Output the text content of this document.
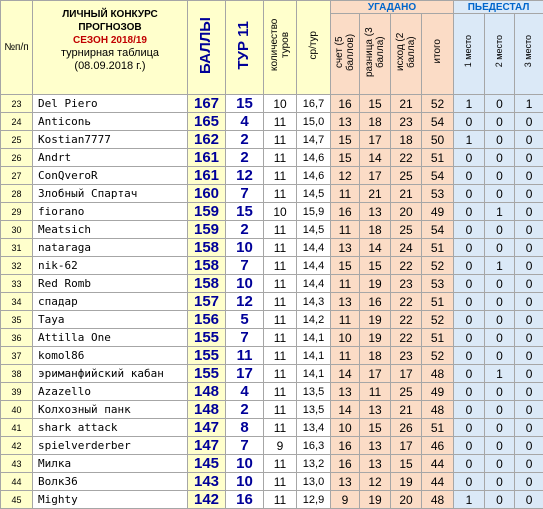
№п/п	ЛИЧНЫЙ КОНКУРС
ПРОГНОЗОВ
СЕЗОН 2018/19
турнирная таблица
(08.09.2018 г.)	БАЛЛЫ	ТУР 11	количество туров	ср/тур	УГАДАНО				ПЬЕДЕСТАЛ		
						счет (5 баллов)	разница (3 балла)	исход (2 балла)	итого	1 место	2 место	3 место
23	Del Piero	167	15	10	16,7	16	15	21	52	1	0	1
24	Anticonь	165	4	11	15,0	13	18	23	54	0	0	0
25	Kostian7777	162	2	11	14,7	15	17	18	50	1	0	0
26	Andrt	161	2	11	14,6	15	14	22	51	0	0	0
27	ConQveroR	161	12	11	14,6	12	17	25	54	0	0	0
28	Злобный Спартач	160	7	11	14,5	11	21	21	53	0	0	0
29	fiorano	159	15	10	15,9	16	13	20	49	0	1	0
30	Meatsich	159	2	11	14,5	11	18	25	54	0	0	0
31	nataraga	158	10	11	14,4	13	14	24	51	0	0	0
32	nik-62	158	7	11	14,4	15	15	22	52	0	1	0
33	Red Romb	158	10	11	14,4	11	19	23	53	0	0	0
34	спадар	157	12	11	14,3	13	16	22	51	0	0	0
35	Taya	156	5	11	14,2	11	19	22	52	0	0	0
36	Attilla One	155	7	11	14,1	10	19	22	51	0	0	0
37	komol86	155	11	11	14,1	11	18	23	52	0	0	0
38	эриманфийский кабан	155	17	11	14,1	14	17	17	48	0	1	0
39	Azazello	148	4	11	13,5	13	11	25	49	0	0	0
40	Колхозный панк	148	2	11	13,5	14	13	21	48	0	0	0
41	shark attack	147	8	11	13,4	10	15	26	51	0	0	0
42	spielverderber	147	7	9	16,3	16	13	17	46	0	0	0
43	Милка	145	10	11	13,2	16	13	15	44	0	0	0
44	Волк36	143	10	11	13,0	13	12	19	44	0	0	0
45	Mighty	142	16	11	12,9	9	19	20	48	1	0	0
